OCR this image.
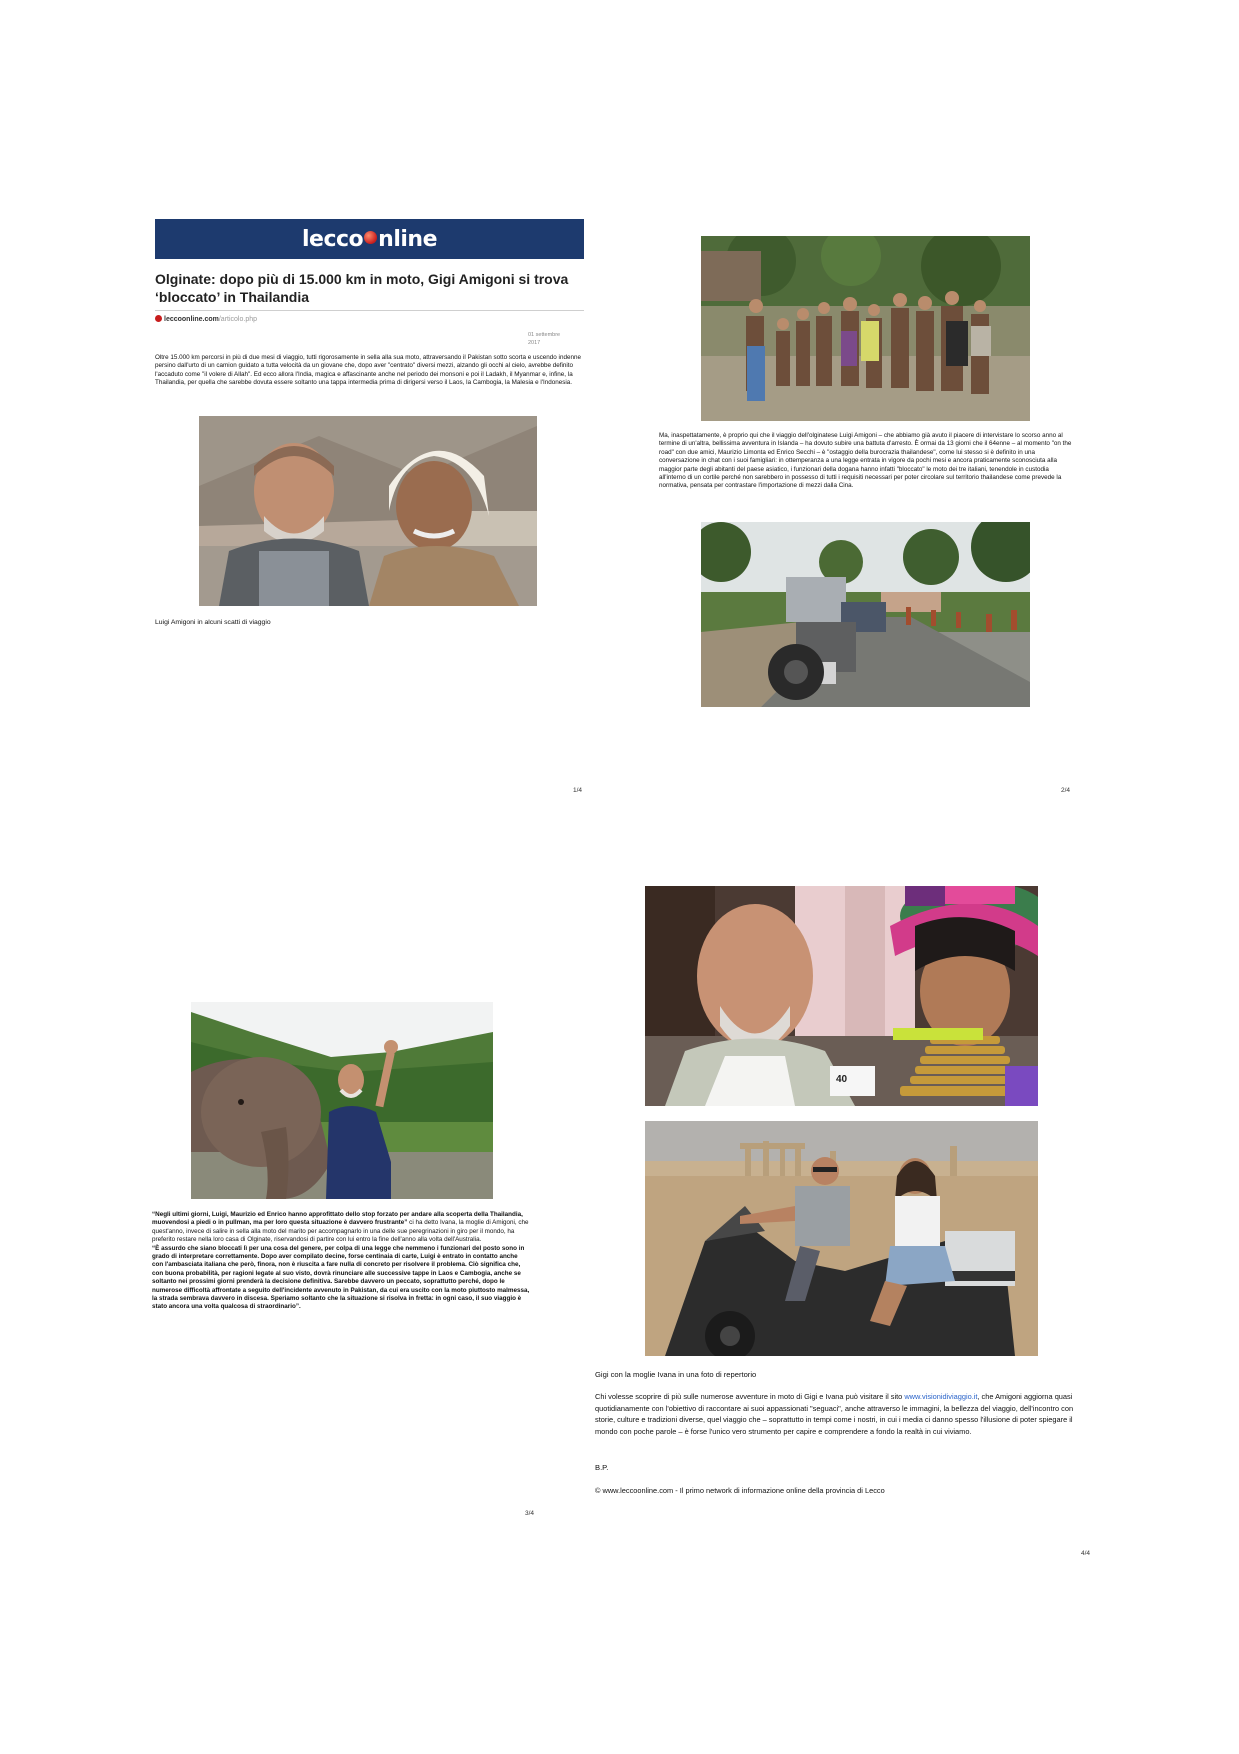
lecco nline
Olginate: dopo più di 15.000 km in moto, Gigi Amigoni si trova ‘bloccato’ in Thailandia
leccoonline.com/articolo.php
01 settembre 2017
Oltre 15.000 km percorsi in più di due mesi di viaggio, tutti rigorosamente in sella alla sua moto, attraversando il Pakistan sotto scorta e uscendo indenne persino dall'urto di un camion guidato a tutta velocità da un giovane che, dopo aver "centrato" diversi mezzi, alzando gli occhi al cielo, avrebbe definito l'accaduto come "il volere di Allah". Ed ecco allora l'India, magica e affascinante anche nel periodo dei monsoni e poi il Ladakh, il Myanmar e, infine, la Thailandia, per quella che sarebbe dovuta essere soltanto una tappa intermedia prima di dirigersi verso il Laos, la Cambogia, la Malesia e l'Indonesia.
Luigi Amigoni in alcuni scatti di viaggio
1/4
Ma, inaspettatamente, è proprio qui che il viaggio dell'olginatese Luigi Amigoni – che abbiamo già avuto il piacere di intervistare lo scorso anno al termine di un'altra, bellissima avventura in Islanda – ha dovuto subire una battuta d'arresto. È ormai da 13 giorni che il 64enne – al momento "on the road" con due amici, Maurizio Limonta ed Enrico Secchi – è "ostaggio della burocrazia thailandese", come lui stesso si è definito in una conversazione in chat con i suoi famigliari: in ottemperanza a una legge entrata in vigore da pochi mesi e ancora praticamente sconosciuta alla maggior parte degli abitanti del paese asiatico, i funzionari della dogana hanno infatti "bloccato" le moto dei tre italiani, tenendole in custodia all'interno di un cortile perché non sarebbero in possesso di tutti i requisiti necessari per poter circolare sul territorio thailandese come prevede la normativa, pensata per contrastare l'importazione di mezzi dalla Cina.
2/4
“Negli ultimi giorni, Luigi, Maurizio ed Enrico hanno approfittato dello stop forzato per andare alla scoperta della Thailandia, muovendosi a piedi o in pullman, ma per loro questa situazione è davvero frustrante” ci ha detto Ivana, la moglie di Amigoni, che quest'anno, invece di salire in sella alla moto del marito per accompagnarlo in una delle sue peregrinazioni in giro per il mondo, ha preferito restare nella loro casa di Olginate, riservandosi di partire con lui entro la fine dell'anno alla volta dell'Australia.
“È assurdo che siano bloccati lì per una cosa del genere, per colpa di una legge che nemmeno i funzionari del posto sono in grado di interpretare correttamente. Dopo aver compilato decine, forse centinaia di carte, Luigi è entrato in contatto anche con l'ambasciata italiana che però, finora, non è riuscita a fare nulla di concreto per risolvere il problema. Ciò significa che, con buona probabilità, per ragioni legate al suo visto, dovrà rinunciare alle successive tappe in Laos e Cambogia, anche se soltanto nei prossimi giorni prenderà la decisione definitiva. Sarebbe davvero un peccato, soprattutto perché, dopo le numerose difficoltà affrontate a seguito dell'incidente avvenuto in Pakistan, da cui era uscito con la moto piuttosto malmessa, la strada sembrava davvero in discesa. Speriamo soltanto che la situazione si risolva in fretta: in ogni caso, il suo viaggio è stato ancora una volta qualcosa di straordinario”.
3/4
40
Gigi con la moglie Ivana in una foto di repertorio
Chi volesse scoprire di più sulle numerose avventure in moto di Gigi e Ivana può visitare il sito www.visionidiviaggio.it, che Amigoni aggiorna quasi quotidianamente con l'obiettivo di raccontare ai suoi appassionati "seguaci", anche attraverso le immagini, la bellezza del viaggio, dell'incontro con storie, culture e tradizioni diverse, quel viaggio che – soprattutto in tempi come i nostri, in cui i media ci danno spesso l'illusione di poter spiegare il mondo con poche parole – è forse l'unico vero strumento per capire e comprendere a fondo la realtà in cui viviamo.
B.P.
© www.leccoonline.com - Il primo network di informazione online della provincia di Lecco
4/4
